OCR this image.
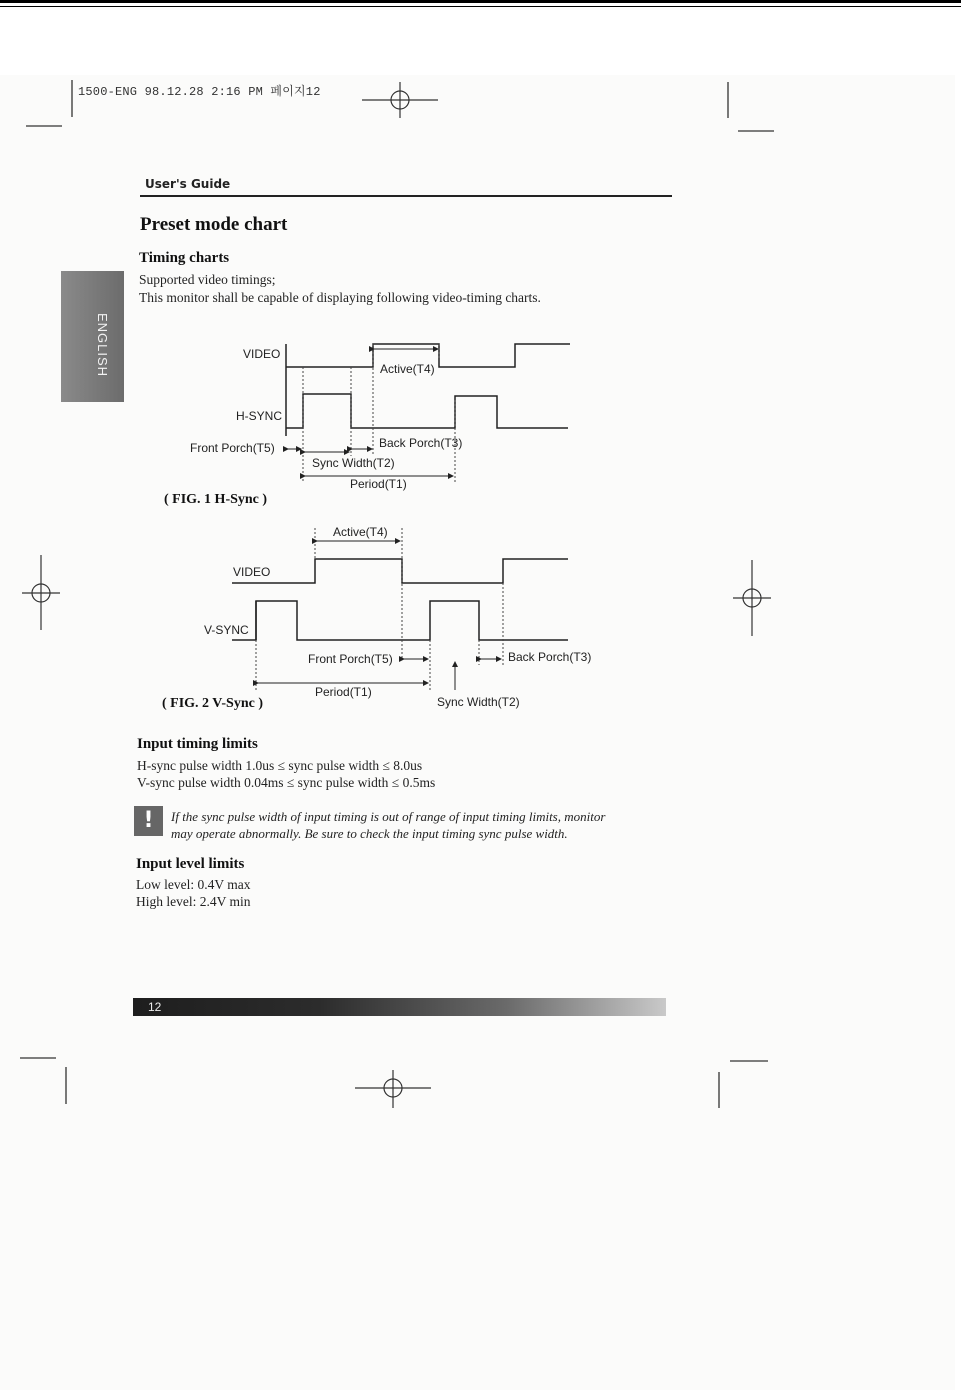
1500-ENG 98.12.28 2:16 PM 페이지12
User's Guide
ENGLISH
Preset mode chart
Timing charts
Supported video timings;
This monitor shall be capable of displaying following video-timing charts.
VIDEO
H-SYNC
Active(T4)
Front Porch(T5)	Back Porch(T3)
Sync Width(T2)
Period(T1)
( FIG. 1 H-Sync )
Active(T4)
VIDEO
V-SYNC
Front Porch(T5)	Back Porch(T3)
Period(T1)
Sync Width(T2)
( FIG. 2 V-Sync )
Input timing limits
H-sync pulse width 1.0us ≤ sync pulse width ≤ 8.0us
V-sync pulse width 0.04ms ≤ sync pulse width ≤ 0.5ms
!	If the sync pulse width of input timing is out of range of input timing limits, monitor
may operate abnormally. Be sure to check the input timing sync pulse width.
Input level limits
Low level: 0.4V max
High level: 2.4V min
12
